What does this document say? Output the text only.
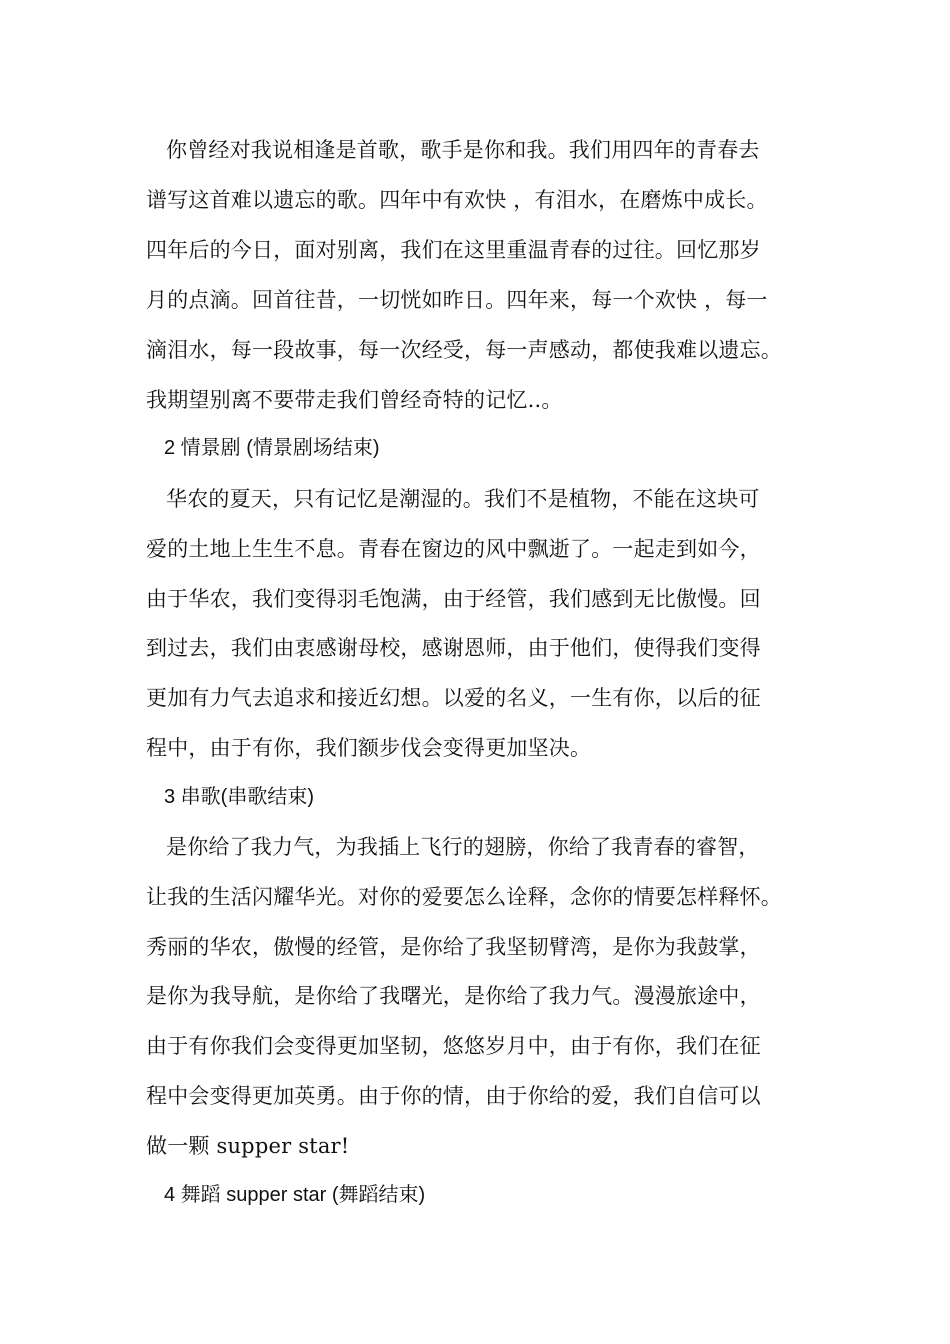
你曾经对我说相逢是首歌，歌手是你和我。我们用四年的青春去
谱写这首难以遗忘的歌。四年中有欢快 ，有泪水，在磨炼中成长。
四年后的今日，面对别离，我们在这里重温青春的过往。回忆那岁
月的点滴。回首往昔，一切恍如昨日。四年来，每一个欢快 ，每一
滴泪水，每一段故事，每一次经受，每一声感动，都使我难以遗忘。
我期望别离不要带走我们曾经奇特的记忆..。
2 情景剧 (情景剧场结束)
华农的夏天，只有记忆是潮湿的。我们不是植物，不能在这块可
爱的土地上生生不息。青春在窗边的风中飘逝了。一起走到如今，
由于华农，我们变得羽毛饱满，由于经管，我们感到无比傲慢。回
到过去，我们由衷感谢母校，感谢恩师，由于他们，使得我们变得
更加有力气去追求和接近幻想。以爱的名义，一生有你，以后的征
程中，由于有你，我们额步伐会变得更加坚决。
3 串歌(串歌结束)
是你给了我力气，为我插上飞行的翅膀，你给了我青春的睿智，
让我的生活闪耀华光。对你的爱要怎么诠释，念你的情要怎样释怀。
秀丽的华农，傲慢的经管，是你给了我坚韧臂湾，是你为我鼓掌，
是你为我导航，是你给了我曙光，是你给了我力气。漫漫旅途中，
由于有你我们会变得更加坚韧，悠悠岁月中，由于有你，我们在征
程中会变得更加英勇。由于你的情，由于你给的爱，我们自信可以
做一颗 supper star!
4 舞蹈 supper star (舞蹈结束)
